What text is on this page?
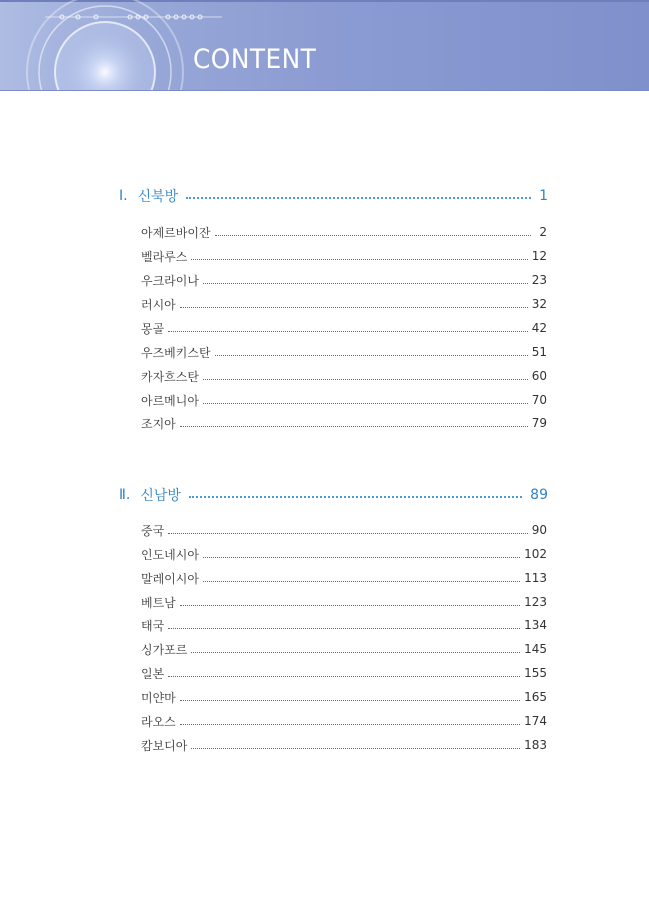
CONTENT
Ⅰ. 신북방	1
아제르바이잔	2
벨라루스	12
우크라이나	23
러시아	32
몽골	42
우즈베키스탄	51
카자흐스탄	60
아르메니아	70
조지아	79
Ⅱ. 신남방	89
중국	90
인도네시아	102
말레이시아	113
베트남	123
태국	134
싱가포르	145
일본	155
미얀마	165
라오스	174
캄보디아	183
